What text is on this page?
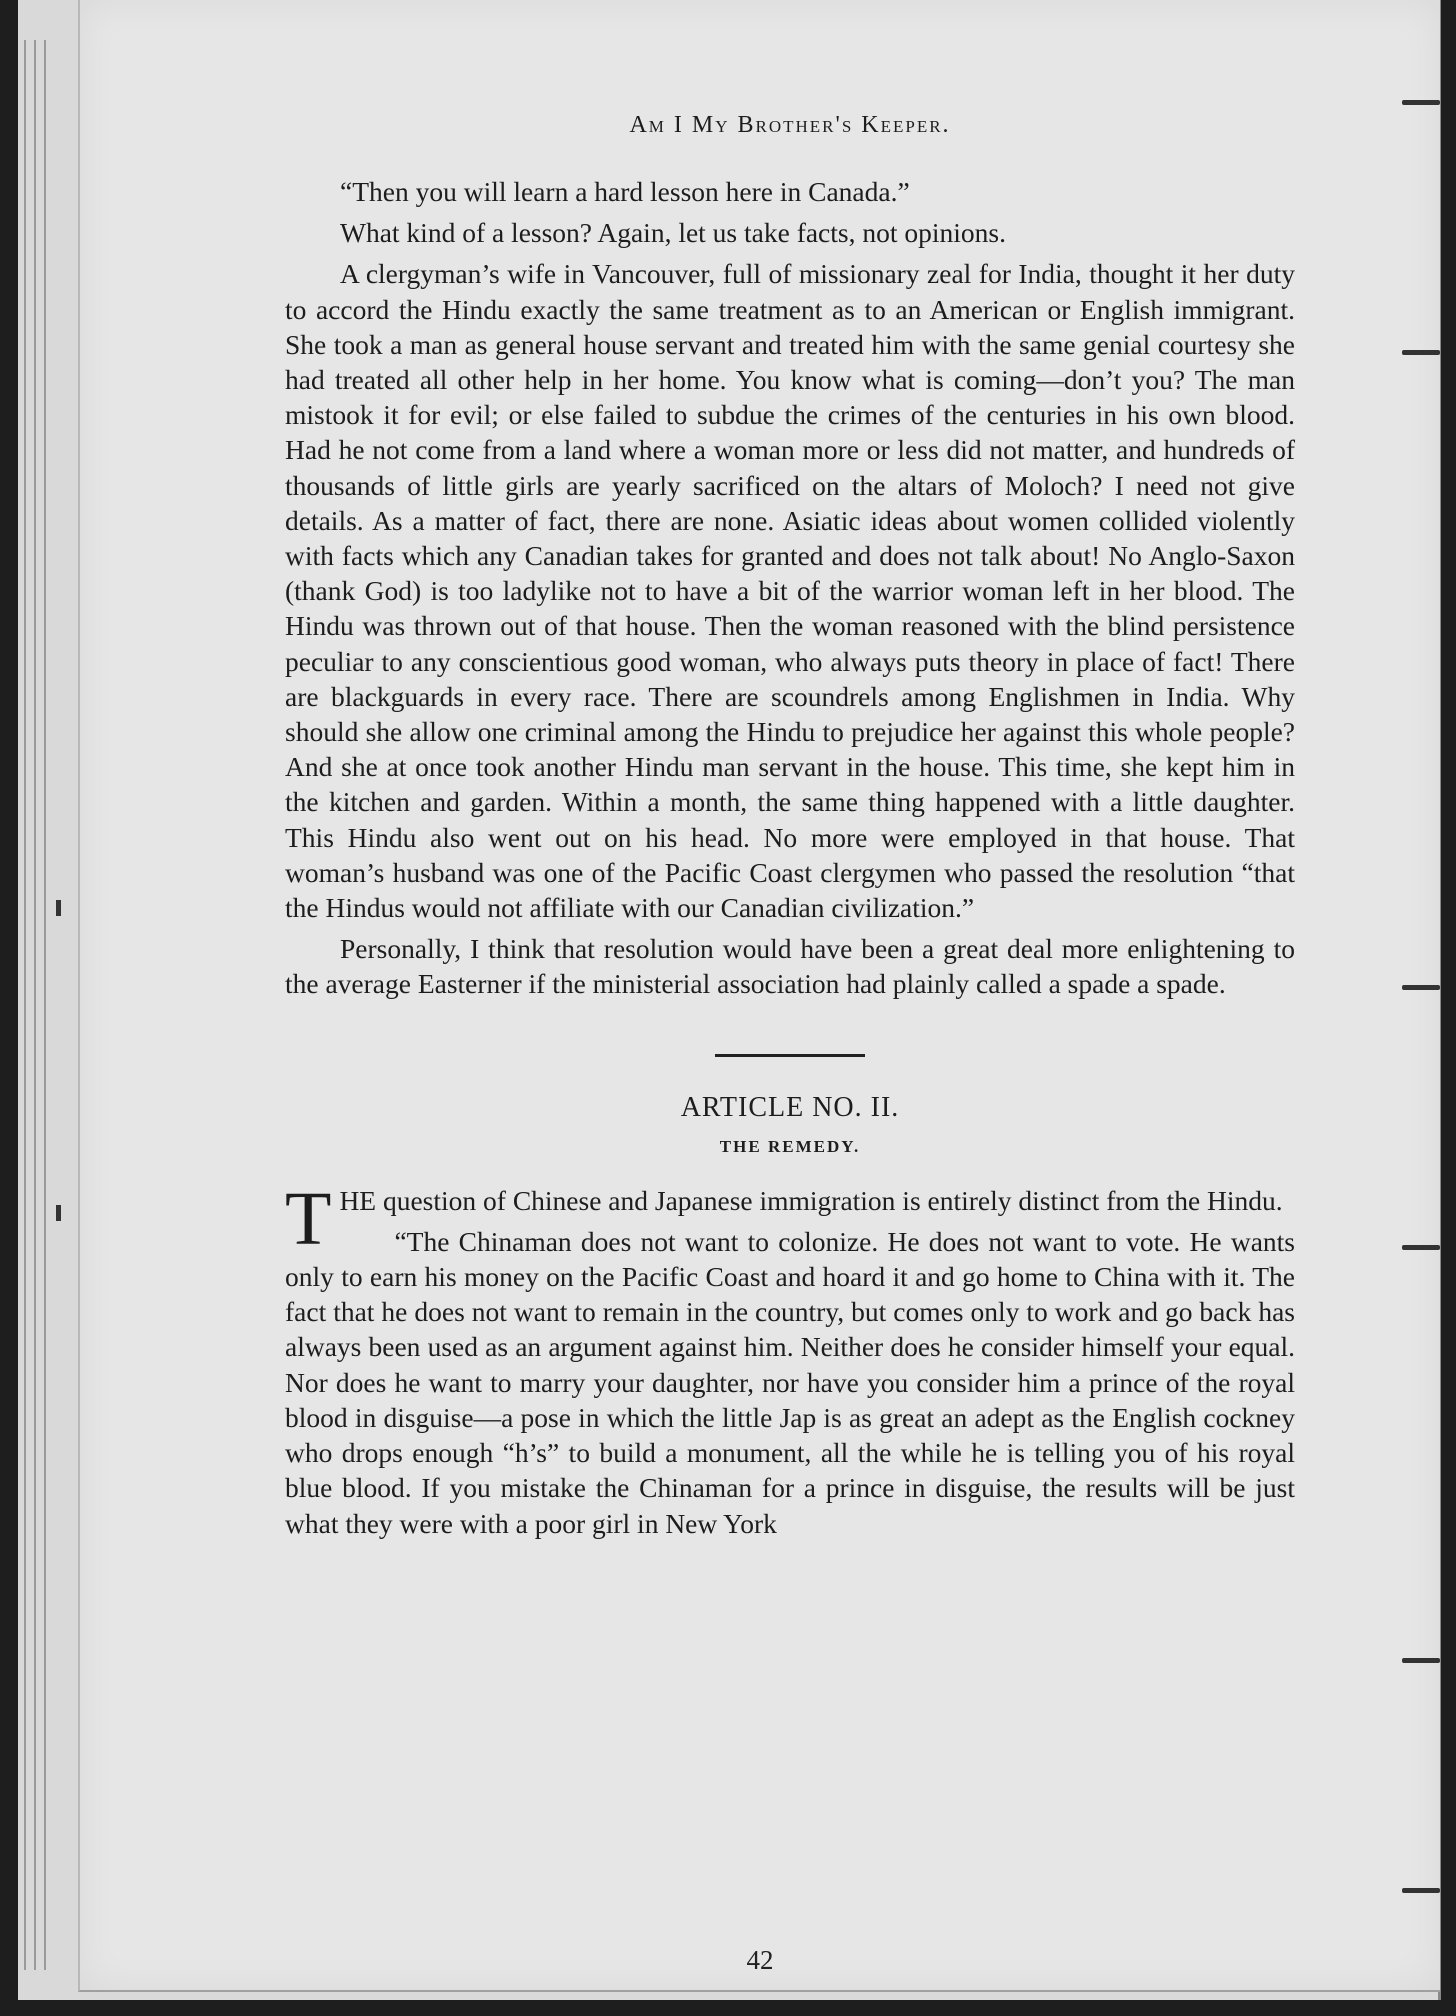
Am I My Brother's Keeper.

“Then you will learn a hard lesson here in Canada.”

What kind of a lesson? Again, let us take facts, not opinions.

A clergyman’s wife in Vancouver, full of missionary zeal for India, thought it her duty to accord the Hindu exactly the same treatment as to an American or English immigrant. She took a man as general house servant and treated him with the same genial courtesy she had treated all other help in her home. You know what is coming—don’t you? The man mistook it for evil; or else failed to subdue the crimes of the centuries in his own blood. Had he not come from a land where a woman more or less did not matter, and hundreds of thousands of little girls are yearly sacrificed on the altars of Moloch? I need not give details. As a matter of fact, there are none. Asiatic ideas about women collided violently with facts which any Canadian takes for granted and does not talk about! No Anglo-Saxon (thank God) is too ladylike not to have a bit of the warrior woman left in her blood. The Hindu was thrown out of that house. Then the woman reasoned with the blind persistence peculiar to any conscientious good woman, who always puts theory in place of fact! There are blackguards in every race. There are scoundrels among Englishmen in India. Why should she allow one criminal among the Hindu to prejudice her against this whole people? And she at once took another Hindu man servant in the house. This time, she kept him in the kitchen and garden. Within a month, the same thing happened with a little daughter. This Hindu also went out on his head. No more were employed in that house. That woman’s husband was one of the Pacific Coast clergymen who passed the resolution “that the Hindus would not affiliate with our Canadian civilization.”

Personally, I think that resolution would have been a great deal more enlightening to the average Easterner if the ministerial association had plainly called a spade a spade.

ARTICLE NO. II.
THE REMEDY.

THE question of Chinese and Japanese immigration is entirely distinct from the Hindu.

“The Chinaman does not want to colonize. He does not want to vote. He wants only to earn his money on the Pacific Coast and hoard it and go home to China with it. The fact that he does not want to remain in the country, but comes only to work and go back has always been used as an argument against him. Neither does he consider himself your equal. Nor does he want to marry your daughter, nor have you consider him a prince of the royal blood in disguise—a pose in which the little Jap is as great an adept as the English cockney who drops enough “h’s” to build a monument, all the while he is telling you of his royal blue blood. If you mistake the Chinaman for a prince in disguise, the results will be just what they were with a poor girl in New York

42
